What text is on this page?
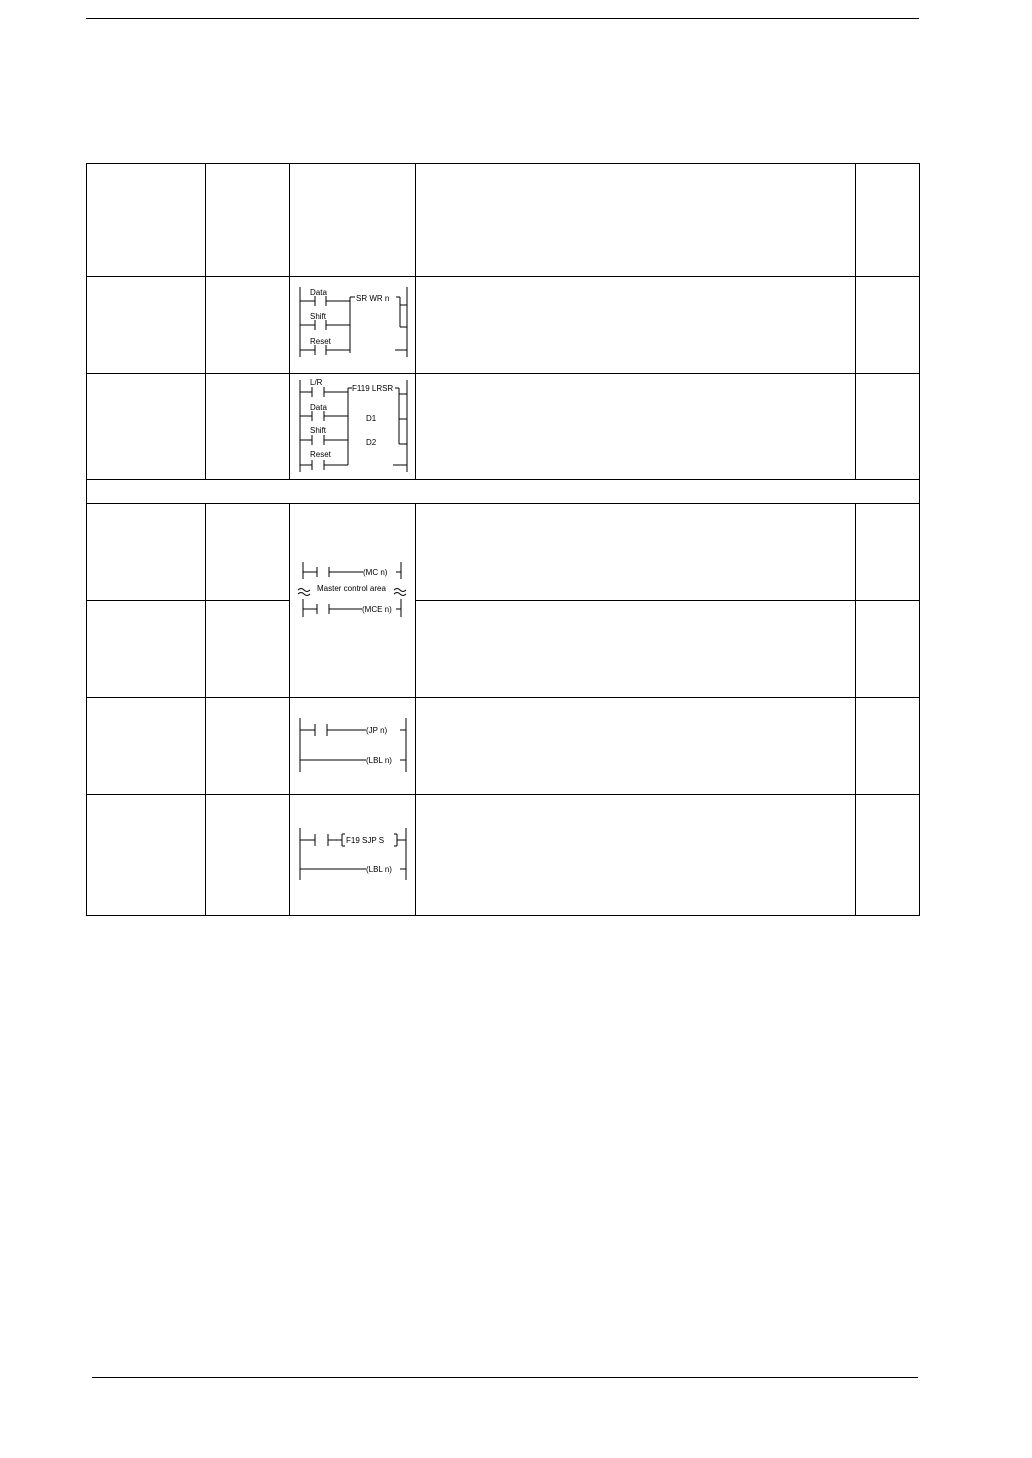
Data
Shift
Reset
SR WR n
L/R
Data
Shift
Reset
F119 LRSR
D1
D2
(MC n)
Master control area
(MCE n)
(JP n)
(LBL n)
F19 SJP S
(LBL n)
